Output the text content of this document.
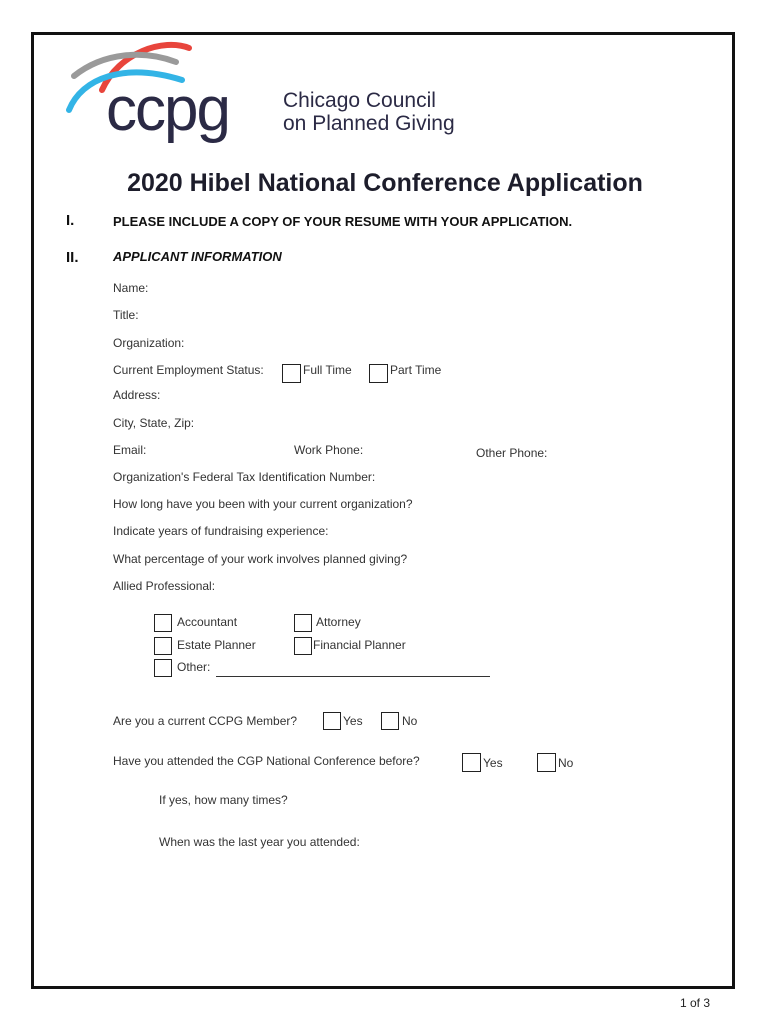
ccpg	Chicago Council
on Planned Giving
2020 Hibel National Conference Application
I.	PLEASE INCLUDE A COPY OF YOUR RESUME WITH YOUR APPLICATION.
II.	APPLICANT INFORMATION
Name:
Title:
Organization:
Current Employment Status:	Full Time	Part Time
Address:
City, State, Zip:
Email:	Work Phone:	Other Phone:
Organization's Federal Tax Identification Number:
How long have you been with your current organization?
Indicate years of fundraising experience:
What percentage of your work involves planned giving?
Allied Professional:
Accountant	Attorney
Estate Planner	Financial Planner
Other:
Are you a current CCPG Member?	Yes	No
Have you attended the CGP National Conference before?	Yes	No
If yes, how many times?
When was the last year you attended:
1 of 3
